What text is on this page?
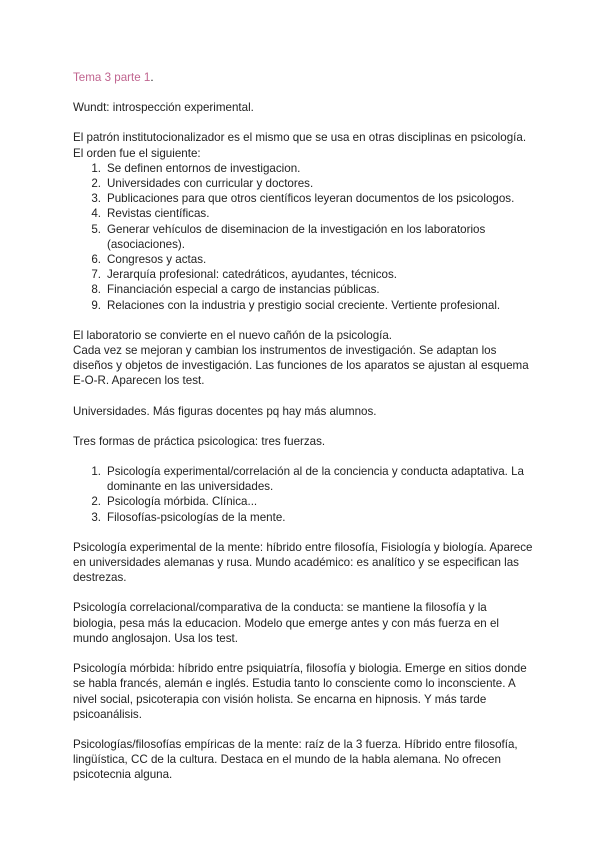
Tema 3 parte 1.

Wundt: introspección experimental.

El patrón institutocionalizador es el mismo que se usa en otras disciplinas en psicología. El orden fue el siguiente:

1. Se definen entornos de investigacion.
2. Universidades con curricular y doctores.
3. Publicaciones para que otros científicos leyeran documentos de los psicologos.
4. Revistas científicas.
5. Generar vehículos de diseminacion de la investigación en los laboratorios (asociaciones).
6. Congresos y actas.
7. Jerarquía profesional: catedráticos, ayudantes, técnicos.
8. Financiación especial a cargo de instancias públicas.
9. Relaciones con la industria y prestigio social creciente. Vertiente profesional.

El laboratorio se convierte en el nuevo cañón de la psicología.

Cada vez se mejoran y cambian los instrumentos de investigación. Se adaptan los diseños y objetos de investigación. Las funciones de los aparatos se ajustan al esquema E-O-R. Aparecen los test.

Universidades. Más figuras docentes pq hay más alumnos.

Tres formas de práctica psicologica: tres fuerzas.

1. Psicología experimental/correlación al de la conciencia y conducta adaptativa. La dominante en las universidades.
2. Psicología mórbida. Clínica...
3. Filosofías-psicologías de la mente.

Psicología experimental de la mente: híbrido entre filosofía, Fisiología y biología. Aparece en universidades alemanas y rusa. Mundo académico: es analítico y se especifican las destrezas.

Psicología correlacional/comparativa de la conducta: se mantiene la filosofía y la biologia, pesa más la educacion. Modelo que emerge antes y con más fuerza en el mundo anglosajon. Usa los test.

Psicología mórbida: híbrido entre psiquiatría, filosofía y biologia. Emerge en sitios donde se habla francés, alemán e inglés. Estudia tanto lo consciente como lo inconsciente. A nivel social, psicoterapia con visión holista. Se encarna en hipnosis. Y más tarde psicoanálisis.

Psicologías/filosofías empíricas de la mente: raíz de la 3 fuerza. Híbrido entre filosofía, lingüística, CC de la cultura. Destaca en el mundo de la habla alemana. No ofrecen psicotecnia alguna.
